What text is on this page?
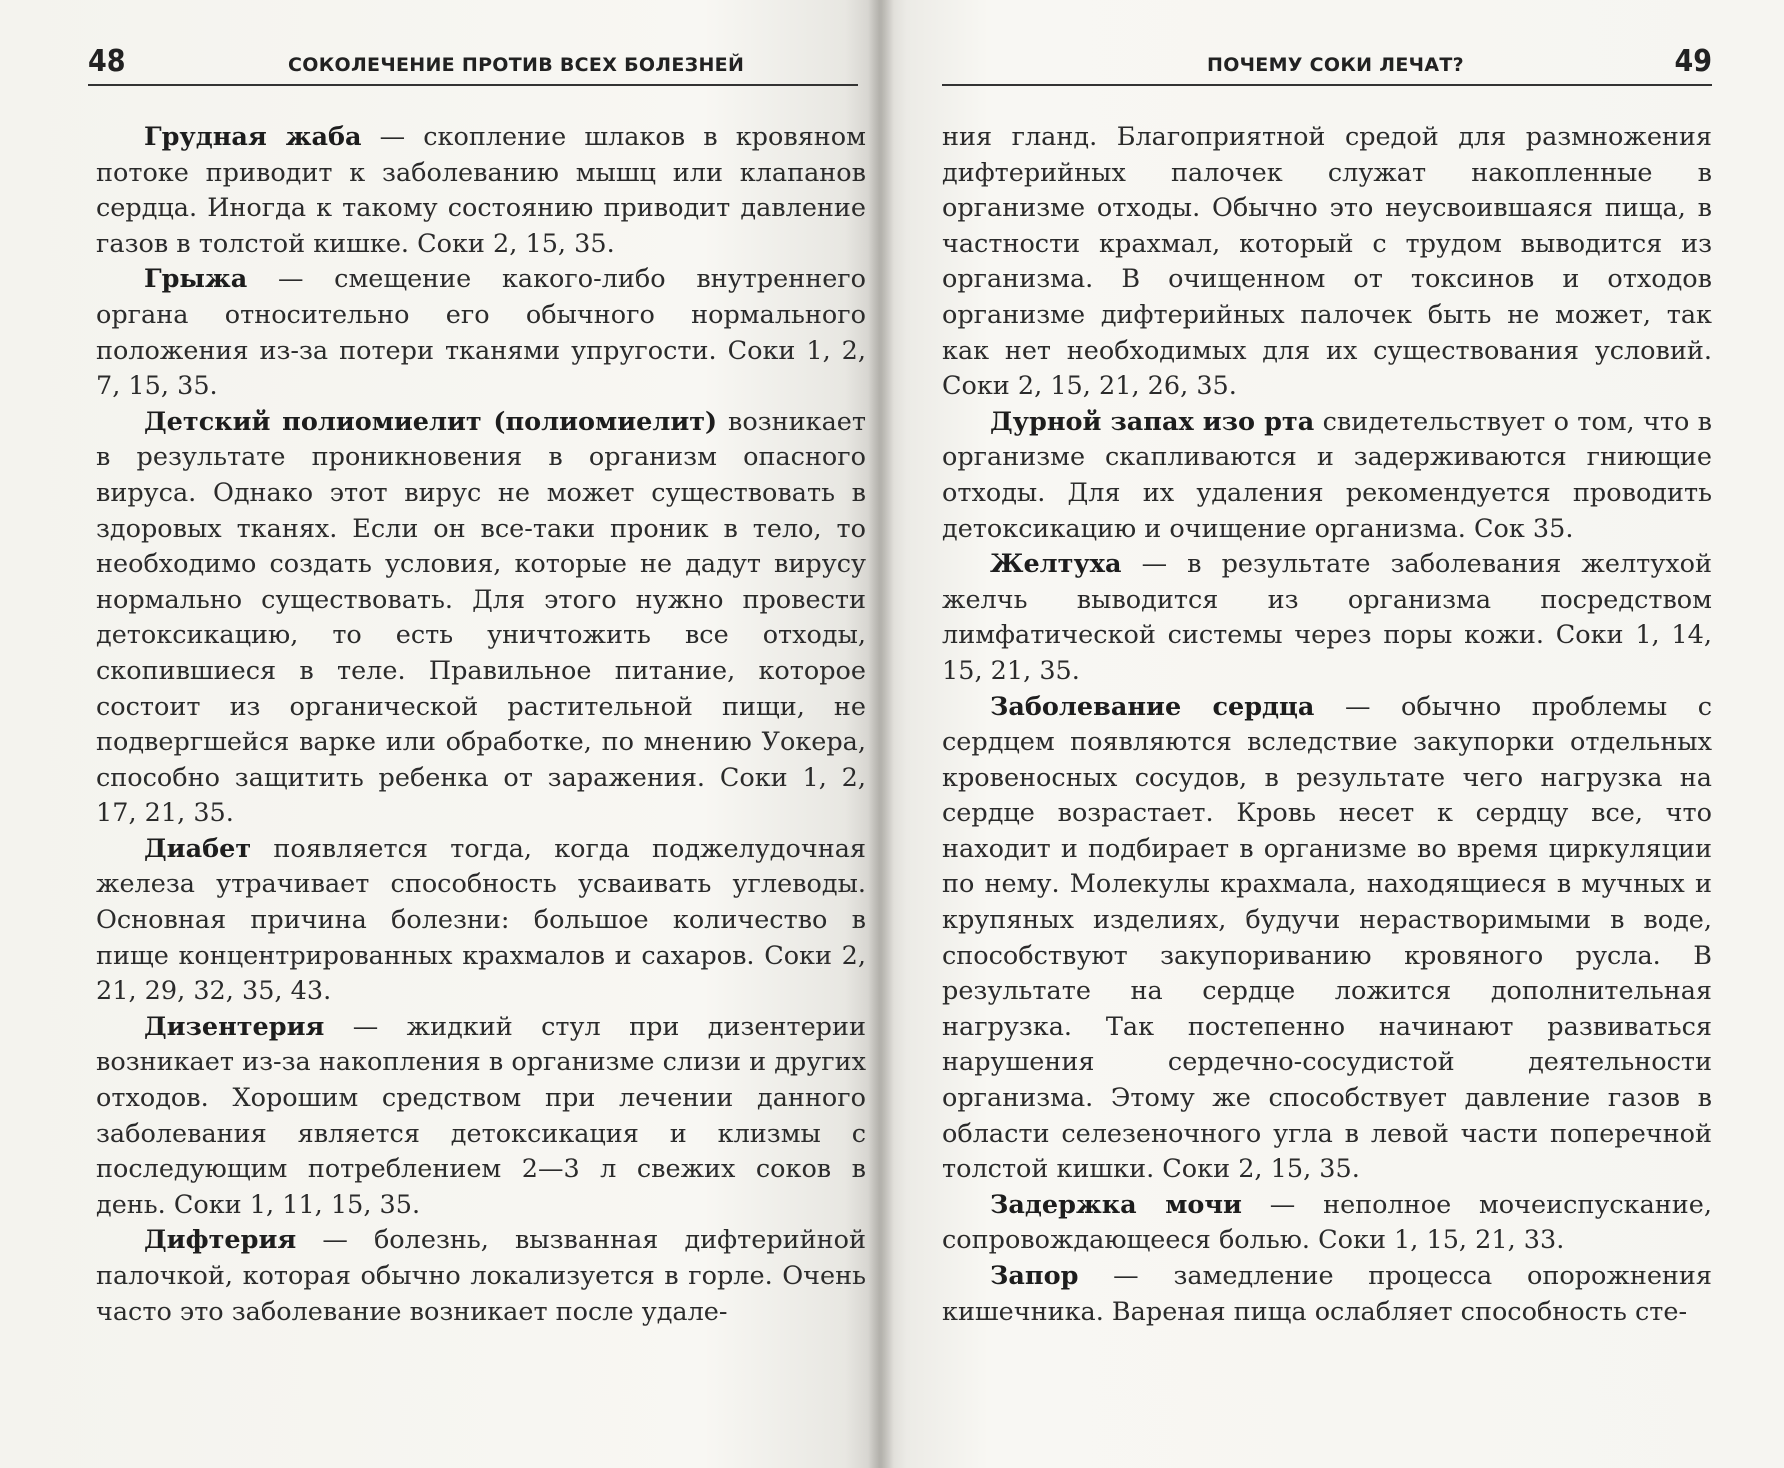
48	СОКОЛЕЧЕНИЕ ПРОТИВ ВСЕХ БОЛЕЗНЕЙ

Грудная жаба — скопление шлаков в кровяном потоке приводит к заболеванию мышц или клапанов сердца. Иногда к такому состоянию приводит давление газов в толстой кишке. Соки 2, 15, 35.

Грыжа — смещение какого-либо внутреннего органа относительно его обычного нормального положения из-за потери тканями упругости. Соки 1, 2, 7, 15, 35.

Детский полиомиелит (полиомиелит) возникает в результате проникновения в организм опасного вируса. Однако этот вирус не может существовать в здоровых тканях. Если он все-таки проник в тело, то необходимо создать условия, которые не дадут вирусу нормально существовать. Для этого нужно провести детоксикацию, то есть уничтожить все отходы, скопившиеся в теле. Правильное питание, которое состоит из органической растительной пищи, не подвергшейся варке или обработке, по мнению Уокера, способно защитить ребенка от заражения. Соки 1, 2, 17, 21, 35.

Диабет появляется тогда, когда поджелудочная железа утрачивает способность усваивать углеводы. Основная причина болезни: большое количество в пище концентрированных крахмалов и сахаров. Соки 2, 21, 29, 32, 35, 43.

Дизентерия — жидкий стул при дизентерии возникает из-за накопления в организме слизи и других отходов. Хорошим средством при лечении данного заболевания является детоксикация и клизмы с последующим потреблением 2—3 л свежих соков в день. Соки 1, 11, 15, 35.

Дифтерия — болезнь, вызванная дифтерийной палочкой, которая обычно локализуется в горле. Очень часто это заболевание возникает после удале-

ПОЧЕМУ СОКИ ЛЕЧАТ?	49

ния гланд. Благоприятной средой для размножения дифтерийных палочек служат накопленные в организме отходы. Обычно это неусвоившаяся пища, в частности крахмал, который с трудом выводится из организма. В очищенном от токсинов и отходов организме дифтерийных палочек быть не может, так как нет необходимых для их существования условий. Соки 2, 15, 21, 26, 35.

Дурной запах изо рта свидетельствует о том, что в организме скапливаются и задерживаются гниющие отходы. Для их удаления рекомендуется проводить детоксикацию и очищение организма. Сок 35.

Желтуха — в результате заболевания желтухой желчь выводится из организма посредством лимфатической системы через поры кожи. Соки 1, 14, 15, 21, 35.

Заболевание сердца — обычно проблемы с сердцем появляются вследствие закупорки отдельных кровеносных сосудов, в результате чего нагрузка на сердце возрастает. Кровь несет к сердцу все, что находит и подбирает в организме во время циркуляции по нему. Молекулы крахмала, находящиеся в мучных и крупяных изделиях, будучи нерастворимыми в воде, способствуют закупориванию кровяного русла. В результате на сердце ложится дополнительная нагрузка. Так постепенно начинают развиваться нарушения сердечно-сосудистой деятельности организма. Этому же способствует давление газов в области селезеночного угла в левой части поперечной толстой кишки. Соки 2, 15, 35.

Задержка мочи — неполное мочеиспускание, сопровождающееся болью. Соки 1, 15, 21, 33.

Запор — замедление процесса опорожнения кишечника. Вареная пища ослабляет способность сте-
